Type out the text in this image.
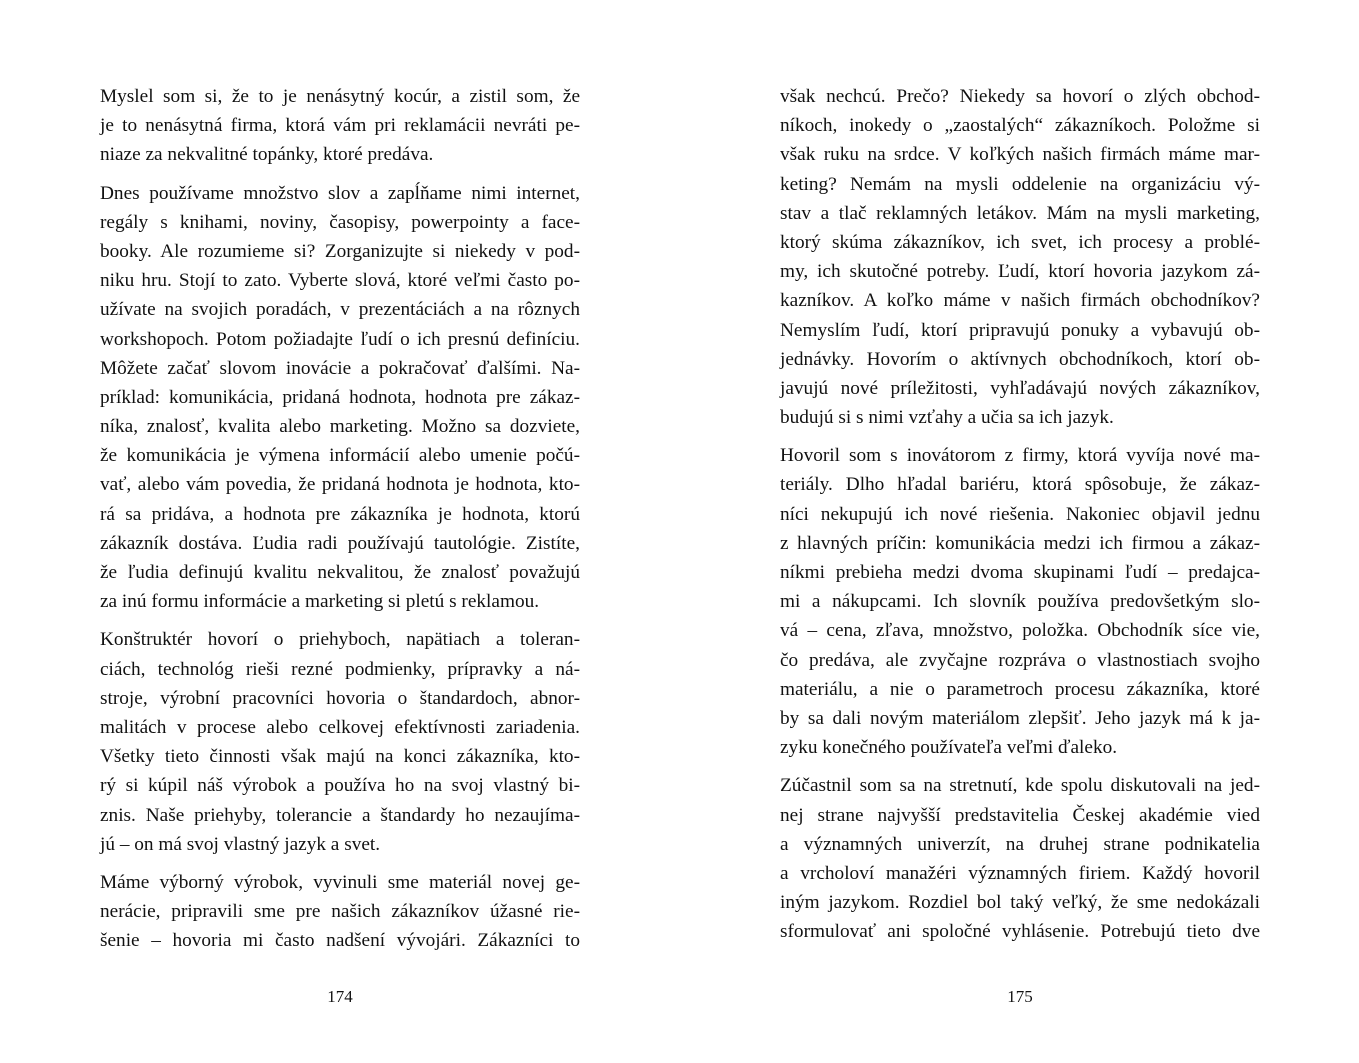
Myslel som si, že to je nenásytný kocúr, a zistil som, že
je to nenásytná firma, ktorá vám pri reklamácii nevráti pe-
niaze za nekvalitné topánky, ktoré predáva.

Dnes používame množstvo slov a zapĺňame nimi internet,
regály s knihami, noviny, časopisy, powerpointy a face-
booky. Ale rozumieme si? Zorganizujte si niekedy v pod-
niku hru. Stojí to zato. Vyberte slová, ktoré veľmi často po-
užívate na svojich poradách, v prezentáciách a na rôznych
workshopoch. Potom požiadajte ľudí o ich presnú definíciu.
Môžete začať slovom inovácie a pokračovať ďalšími. Na-
príklad: komunikácia, pridaná hodnota, hodnota pre zákaz-
níka, znalosť, kvalita alebo marketing. Možno sa dozviete,
že komunikácia je výmena informácií alebo umenie počú-
vať, alebo vám povedia, že pridaná hodnota je hodnota, kto-
rá sa pridáva, a hodnota pre zákazníka je hodnota, ktorú
zákazník dostáva. Ľudia radi používajú tautológie. Zistíte,
že ľudia definujú kvalitu nekvalitou, že znalosť považujú
za inú formu informácie a marketing si pletú s reklamou.

Konštruktér hovorí o priehyboch, napätiach a toleran-
ciách, technológ rieši rezné podmienky, prípravky a ná-
stroje, výrobní pracovníci hovoria o štandardoch, abnor-
malitách v procese alebo celkovej efektívnosti zariadenia.
Všetky tieto činnosti však majú na konci zákazníka, kto-
rý si kúpil náš výrobok a používa ho na svoj vlastný bi-
znis. Naše priehyby, tolerancie a štandardy ho nezaujíma-
jú – on má svoj vlastný jazyk a svet.

Máme výborný výrobok, vyvinuli sme materiál novej ge-
nerácie, pripravili sme pre našich zákazníkov úžasné rie-
šenie – hovoria mi často nadšení vývojári. Zákazníci to

174

však nechcú. Prečo? Niekedy sa hovorí o zlých obchod-
níkoch, inokedy o „zaostalých“ zákazníkoch. Položme si
však ruku na srdce. V koľkých našich firmách máme mar-
keting? Nemám na mysli oddelenie na organizáciu vý-
stav a tlač reklamných letákov. Mám na mysli marketing,
ktorý skúma zákazníkov, ich svet, ich procesy a problé-
my, ich skutočné potreby. Ľudí, ktorí hovoria jazykom zá-
kazníkov. A koľko máme v našich firmách obchodníkov?
Nemyslím ľudí, ktorí pripravujú ponuky a vybavujú ob-
jednávky. Hovorím o aktívnych obchodníkoch, ktorí ob-
javujú nové príležitosti, vyhľadávajú nových zákazníkov,
budujú si s nimi vzťahy a učia sa ich jazyk.

Hovoril som s inovátorom z firmy, ktorá vyvíja nové ma-
teriály. Dlho hľadal bariéru, ktorá spôsobuje, že zákaz-
níci nekupujú ich nové riešenia. Nakoniec objavil jednu
z hlavných príčin: komunikácia medzi ich firmou a zákaz-
níkmi prebieha medzi dvoma skupinami ľudí – predajca-
mi a nákupcami. Ich slovník používa predovšetkým slo-
vá – cena, zľava, množstvo, položka. Obchodník síce vie,
čo predáva, ale zvyčajne rozpráva o vlastnostiach svojho
materiálu, a nie o parametroch procesu zákazníka, ktoré
by sa dali novým materiálom zlepšiť. Jeho jazyk má k ja-
zyku konečného používateľa veľmi ďaleko.

Zúčastnil som sa na stretnutí, kde spolu diskutovali na jed-
nej strane najvyšší predstavitelia Českej akadémie vied
a významných univerzít, na druhej strane podnikatelia
a vrcholoví manažéri významných firiem. Každý hovoril
iným jazykom. Rozdiel bol taký veľký, že sme nedokázali
sformulovať ani spoločné vyhlásenie. Potrebujú tieto dve

175
